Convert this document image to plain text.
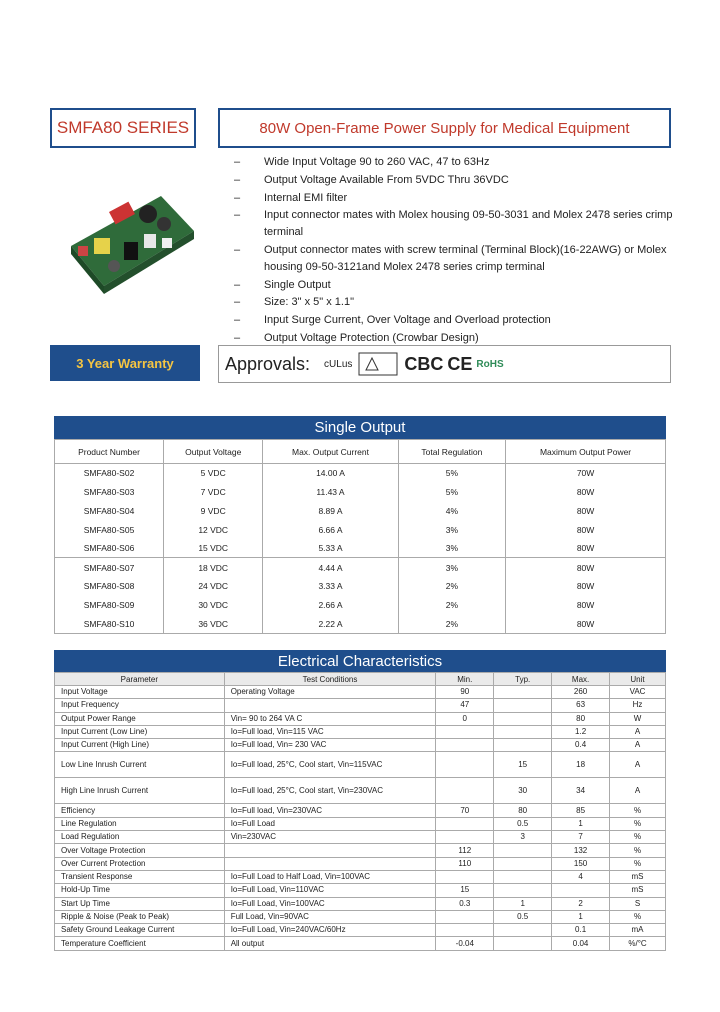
SMFA80 SERIES	80W Open-Frame Power Supply for Medical Equipment
– Wide Input Voltage 90 to 260 VAC, 47 to 63Hz
– Output Voltage Available From 5VDC Thru 36VDC
– Internal EMI filter
– Input connector mates with Molex housing 09-50-3031 and Molex 2478 series crimp terminal
– Output connector mates with screw terminal (Terminal Block)(16-22AWG) or Molex housing 09-50-3121and Molex 2478 series crimp terminal
– Single Output
– Size: 3" x 5" x 1.1"
– Input Surge Current, Over Voltage and Overload protection
– Output Voltage Protection (Crowbar Design)
3 Year Warranty	Approvals: cULus	CBC CE RoHS
Single Output
Product Number	Output Voltage	Max. Output Current	Total Regulation	Maximum Output Power
SMFA80-S02	5 VDC	14.00 A	5%	70W
SMFA80-S03	7 VDC	11.43 A	5%	80W
SMFA80-S04	9 VDC	8.89 A	4%	80W
SMFA80-S05	12 VDC	6.66 A	3%	80W
SMFA80-S06	15 VDC	5.33 A	3%	80W
SMFA80-S07	18 VDC	4.44 A	3%	80W
SMFA80-S08	24 VDC	3.33 A	2%	80W
SMFA80-S09	30 VDC	2.66 A	2%	80W
SMFA80-S10	36 VDC	2.22 A	2%	80W
Electrical Characteristics
Parameter	Test Conditions	Min.	Typ.	Max.	Unit
Input Voltage	Operating Voltage	90		260	VAC
Input Frequency		47		63	Hz
Output Power Range	Vin= 90 to 264 VA C	0		80	W
Input Current (Low Line)	Io=Full load, Vin=115 VAC			1.2	A
Input Current (High Line)	Io=Full load, Vin= 230 VAC			0.4	A
Low Line Inrush Current	Io=Full load, 25°C, Cool start, Vin=115VAC		15	18	A
High Line Inrush Current	Io=Full load, 25°C, Cool start, Vin=230VAC		30	34	A
Efficiency	Io=Full load, Vin=230VAC	70	80	85	%
Line Regulation	Io=Full Load		0.5	1	%
Load Regulation	Vin=230VAC		3	7	%
Over Voltage Protection		112		132	%
Over Current Protection		110		150	%
Transient Response	Io=Full Load to Half Load, Vin=100VAC			4	mS
Hold-Up Time	Io=Full Load, Vin=110VAC	15			mS
Start Up Time	Io=Full Load, Vin=100VAC	0.3	1	2	S
Ripple & Noise (Peak to Peak)	Full Load, Vin=90VAC		0.5	1	%
Safety Ground Leakage Current	Io=Full Load, Vin=240VAC/60Hz			0.1	mA
Temperature Coefficient	All output	-0.04		0.04	%/°C
